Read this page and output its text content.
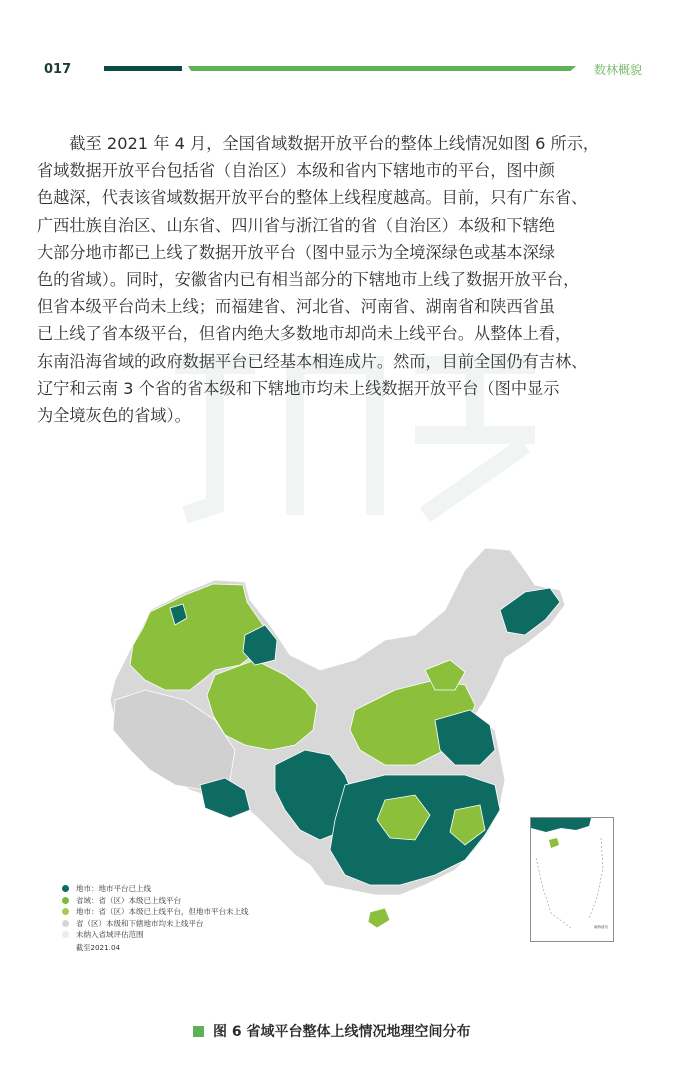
017	数林概貌

　　截至 2021 年 4 月，全国省域数据开放平台的整体上线情况如图 6 所示，
省域数据开放平台包括省（自治区）本级和省内下辖地市的平台，图中颜
色越深，代表该省域数据开放平台的整体上线程度越高。目前，只有广东省、
广西壮族自治区、山东省、四川省与浙江省的省（自治区）本级和下辖绝
大部分地市都已上线了数据开放平台（图中显示为全境深绿色或基本深绿
色的省域）。同时，安徽省内已有相当部分的下辖地市上线了数据开放平台，
但省本级平台尚未上线；而福建省、河北省、河南省、湖南省和陕西省虽
已上线了省本级平台，但省内绝大多数地市却尚未上线平台。从整体上看，
东南沿海省域的政府数据平台已经基本相连成片。然而，目前全国仍有吉林、
辽宁和云南 3 个省的省本级和下辖地市均未上线数据开放平台（图中显示
为全境灰色的省域）。

地市：地市平台已上线
省域：省（区）本级已上线平台
地市：省（区）本级已上线平台，但地市平台未上线
省（区）本级和下辖地市均未上线平台
未纳入省域评估范围
截至2021.04
南海诸岛
图 6 省域平台整体上线情况地理空间分布
